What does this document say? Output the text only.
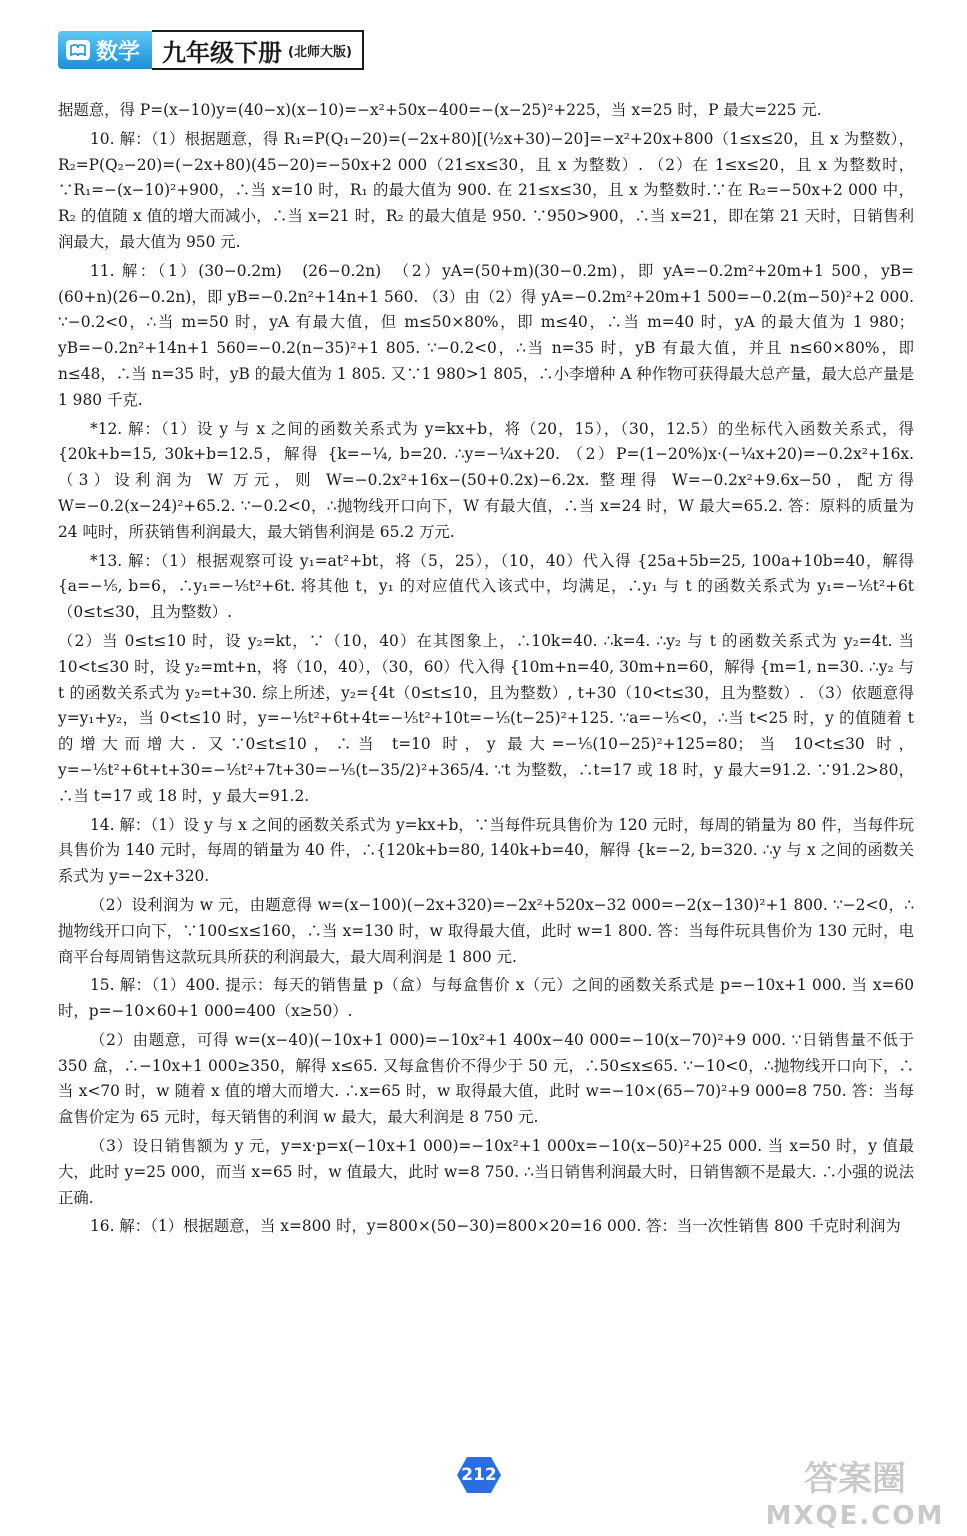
数学 九年级下册 (北师大版)

据题意，得 P=(x−10)y=(40−x)(x−10)=−x²+50x−400=−(x−25)²+225，当 x=25 时，P 最大=225 元.

10. 解：（1）根据题意，得 R₁=P(Q₁−20)=(−2x+80)[(½x+30)−20]=−x²+20x+800（1≤x≤20，且 x 为整数），R₂=P(Q₂−20)=(−2x+80)(45−20)=−50x+2 000（21≤x≤30，且 x 为整数）. （2）在 1≤x≤20，且 x 为整数时，∵R₁=−(x−10)²+900，∴当 x=10 时，R₁ 的最大值为 900. 在 21≤x≤30，且 x 为整数时.∵在 R₂=−50x+2 000 中，R₂ 的值随 x 值的增大而减小，∴当 x=21 时，R₂ 的最大值是 950. ∵950>900，∴当 x=21，即在第 21 天时，日销售利润最大，最大值为 950 元.

11. 解：（1）(30−0.2m)　(26−0.2n)　（2）yA=(50+m)(30−0.2m)，即 yA=−0.2m²+20m+1 500，yB=(60+n)(26−0.2n)，即 yB=−0.2n²+14n+1 560. （3）由（2）得 yA=−0.2m²+20m+1 500=−0.2(m−50)²+2 000. ∵−0.2<0，∴当 m=50 时，yA 有最大值，但 m≤50×80%，即 m≤40，∴当 m=40 时，yA 的最大值为 1 980；yB=−0.2n²+14n+1 560=−0.2(n−35)²+1 805. ∵−0.2<0，∴当 n=35 时，yB 有最大值，并且 n≤60×80%，即 n≤48，∴当 n=35 时，yB 的最大值为 1 805. 又∵1 980>1 805，∴小李增种 A 种作物可获得最大总产量，最大总产量是 1 980 千克.

*12. 解：（1）设 y 与 x 之间的函数关系式为 y=kx+b，将（20，15），（30，12.5）的坐标代入函数关系式，得 {20k+b=15, 30k+b=12.5，解得 {k=−¼, b=20. ∴y=−¼x+20. （2）P=(1−20%)x·(−¼x+20)=−0.2x²+16x. （3）设利润为 W 万元，则 W=−0.2x²+16x−(50+0.2x)−6.2x. 整理得 W=−0.2x²+9.6x−50，配方得 W=−0.2(x−24)²+65.2. ∵−0.2<0，∴抛物线开口向下，W 有最大值，∴当 x=24 时，W 最大=65.2. 答：原料的质量为 24 吨时，所获销售利润最大，最大销售利润是 65.2 万元.

*13. 解：（1）根据观察可设 y₁=at²+bt，将（5，25），（10，40）代入得 {25a+5b=25, 100a+10b=40，解得 {a=−⅕, b=6，∴y₁=−⅕t²+6t. 将其他 t，y₁ 的对应值代入该式中，均满足，∴y₁ 与 t 的函数关系式为 y₁=−⅕t²+6t（0≤t≤30，且为整数）.

（2）当 0≤t≤10 时，设 y₂=kt，∵（10，40）在其图象上，∴10k=40. ∴k=4. ∴y₂ 与 t 的函数关系式为 y₂=4t. 当 10<t≤30 时，设 y₂=mt+n，将（10，40），（30，60）代入得 {10m+n=40, 30m+n=60，解得 {m=1, n=30. ∴y₂ 与 t 的函数关系式为 y₂=t+30. 综上所述，y₂={4t（0≤t≤10，且为整数）, t+30（10<t≤30，且为整数）. （3）依题意得 y=y₁+y₂，当 0<t≤10 时，y=−⅕t²+6t+4t=−⅕t²+10t=−⅕(t−25)²+125. ∵a=−⅕<0，∴当 t<25 时，y 的值随着 t 的增大而增大. 又∵0≤t≤10，∴当 t=10 时，y 最大=−⅕(10−25)²+125=80；当 10<t≤30 时，y=−⅕t²+6t+t+30=−⅕t²+7t+30=−⅕(t−35/2)²+365/4. ∵t 为整数，∴t=17 或 18 时，y 最大=91.2. ∵91.2>80，∴当 t=17 或 18 时，y 最大=91.2.

14. 解：（1）设 y 与 x 之间的函数关系式为 y=kx+b，∵当每件玩具售价为 120 元时，每周的销量为 80 件，当每件玩具售价为 140 元时，每周的销量为 40 件，∴{120k+b=80, 140k+b=40，解得 {k=−2, b=320. ∴y 与 x 之间的函数关系式为 y=−2x+320.

（2）设利润为 w 元，由题意得 w=(x−100)(−2x+320)=−2x²+520x−32 000=−2(x−130)²+1 800. ∵−2<0，∴抛物线开口向下，∵100≤x≤160，∴当 x=130 时，w 取得最大值，此时 w=1 800. 答：当每件玩具售价为 130 元时，电商平台每周销售这款玩具所获的利润最大，最大周利润是 1 800 元.

15. 解：（1）400. 提示：每天的销售量 p（盒）与每盒售价 x（元）之间的函数关系式是 p=−10x+1 000. 当 x=60 时，p=−10×60+1 000=400（x≥50）.

（2）由题意，可得 w=(x−40)(−10x+1 000)=−10x²+1 400x−40 000=−10(x−70)²+9 000. ∵日销售量不低于 350 盒，∴−10x+1 000≥350，解得 x≤65. 又每盒售价不得少于 50 元，∴50≤x≤65. ∵−10<0，∴抛物线开口向下，∴当 x<70 时，w 随着 x 值的增大而增大. ∴x=65 时，w 取得最大值，此时 w=−10×(65−70)²+9 000=8 750. 答：当每盒售价定为 65 元时，每天销售的利润 w 最大，最大利润是 8 750 元.

（3）设日销售额为 y 元，y=x·p=x(−10x+1 000)=−10x²+1 000x=−10(x−50)²+25 000. 当 x=50 时，y 值最大，此时 y=25 000，而当 x=65 时，w 值最大，此时 w=8 750. ∴当日销售利润最大时，日销售额不是最大. ∴小强的说法正确.

16. 解：（1）根据题意，当 x=800 时，y=800×(50−30)=800×20=16 000. 答：当一次性销售 800 千克时利润为

212	答案圈
MXQE.COM
